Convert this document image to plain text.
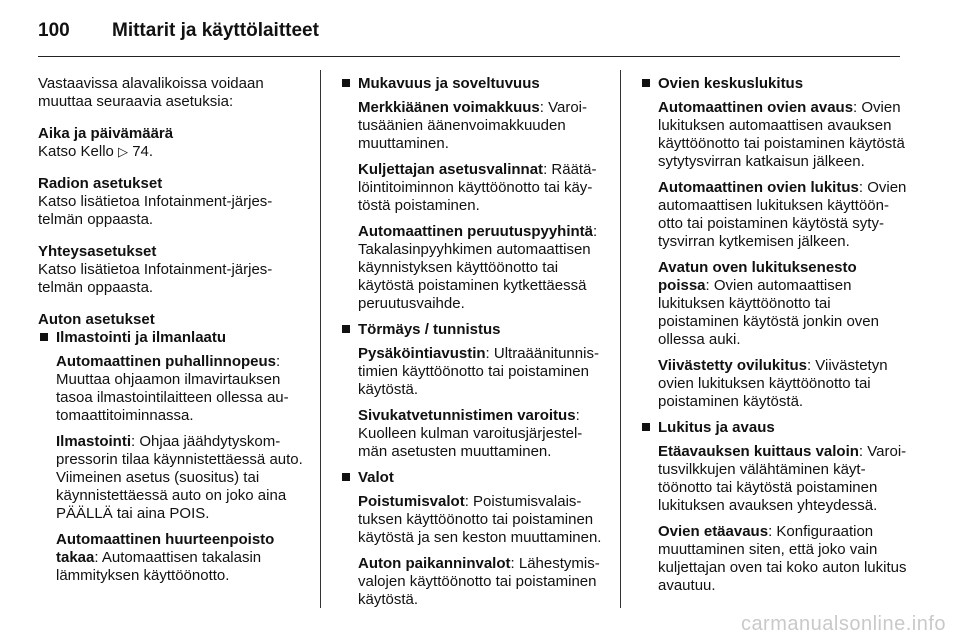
100	Mittarit ja käyttölaitteet

Vastaavissa alavalikoissa voidaan muuttaa seuraavia asetuksia:

Aika ja päivämäärä

Katso Kello ▷ 74.

Radion asetukset

Katso lisätietoa Infotainment-järjestelmän oppaasta.

Yhteysasetukset

Katso lisätietoa Infotainment-järjestelmän oppaasta.

Auton asetukset

Ilmastointi ja ilmanlaatu

Automaattinen puhallinnopeus: Muuttaa ohjaamon ilmavirtauksen tasoa ilmastointilaitteen ollessa automaattitoiminnassa.

Ilmastointi: Ohjaa jäähdytyskompressorin tilaa käynnistettäessä auto. Viimeinen asetus (suositus) tai käynnistettäessä auto on joko aina PÄÄLLÄ tai aina POIS.

Automaattinen huurteenpoisto takaa: Automaattisen takalasin lämmityksen käyttöönotto.

Mukavuus ja soveltuvuus

Merkkiäänen voimakkuus: Varoitusäänien äänenvoimakkuuden muuttaminen.

Kuljettajan asetusvalinnat: Räätälöintitoiminnon käyttöönotto tai käytöstä poistaminen.

Automaattinen peruutuspyyhintä: Takalasinpyyhkimen automaattisen käynnistyksen käyttöönotto tai käytöstä poistaminen kytkettäessä peruutusvaihde.

Törmäys / tunnistus

Pysäköintiavustin: Ultraäänitunnistimien käyttöönotto tai poistaminen käytöstä.

Sivukatvetunnistimen varoitus: Kuolleen kulman varoitusjärjestelmän asetusten muuttaminen.

Valot

Poistumisvalot: Poistumisvalaistuksen käyttöönotto tai poistaminen käytöstä ja sen keston muuttaminen.

Auton paikanninvalot: Lähestymisvalojen käyttöönotto tai poistaminen käytöstä.

Ovien keskuslukitus

Automaattinen ovien avaus: Ovien lukituksen automaattisen avauksen käyttöönotto tai poistaminen käytöstä sytytysvirran katkaisun jälkeen.

Automaattinen ovien lukitus: Ovien automaattisen lukituksen käyttöönotto tai poistaminen käytöstä sytytysvirran kytkemisen jälkeen.

Avatun oven lukituksenesto poissa: Ovien automaattisen lukituksen käyttöönotto tai poistaminen käytöstä jonkin oven ollessa auki.

Viivästetty ovilukitus: Viivästetyn ovien lukituksen käyttöönotto tai poistaminen käytöstä.

Lukitus ja avaus

Etäavauksen kuittaus valoin: Varoitusvilkkujen välähtäminen käyttöönotto tai käytöstä poistaminen lukituksen avauksen yhteydessä.

Ovien etäavaus: Konfiguraation muuttaminen siten, että joko vain kuljettajan oven tai koko auton lukitus avautuu.

carmanualsonline.info
